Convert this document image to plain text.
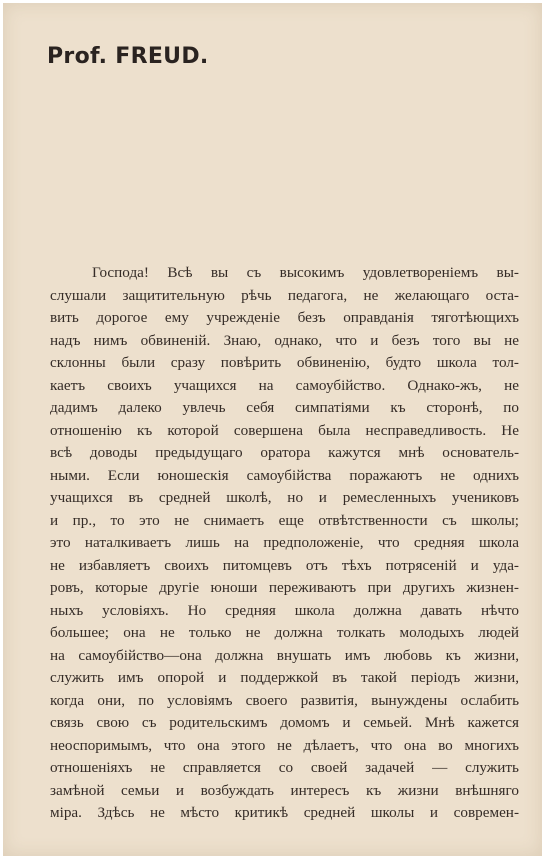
Prof. FREUD.
Господа! Всѣ вы съ высокимъ удовлетвореніемъ вы-
слушали защитительную рѣчь педагога, не желающаго оста-
вить дорогое ему учрежденіе безъ оправданія тяготѣющихъ
надъ нимъ обвиненій. Знаю, однако, что и безъ того вы не
склонны были сразу повѣрить обвиненію, будто школа тол-
каетъ своихъ учащихся на самоубійство. Однако-жъ, не
дадимъ далеко увлечь себя симпатіями къ сторонѣ, по
отношенію къ которой совершена была несправедливость. Не
всѣ доводы предыдущаго оратора кажутся мнѣ основатель-
ными. Если юношескія самоубійства поражаютъ не однихъ
учащихся въ средней школѣ, но и ремесленныхъ учениковъ
и пр., то это не снимаетъ еще отвѣтственности съ школы;
это наталкиваетъ лишь на предположеніе, что средняя школа
не избавляетъ своихъ питомцевъ отъ тѣхъ потрясеній и уда-
ровъ, которые другіе юноши переживаютъ при другихъ жизнен-
ныхъ условіяхъ. Но средняя школа должна давать нѣчто
большее; она не только не должна толкать молодыхъ людей
на самоубійство—она должна внушать имъ любовь къ жизни,
служить имъ опорой и поддержкой въ такой періодъ жизни,
когда они, по условіямъ своего развитія, вынуждены ослабить
связь свою съ родительскимъ домомъ и семьей. Мнѣ кажется
неоспоримымъ, что она этого не дѣлаетъ, что она во многихъ
отношеніяхъ не справляется со своей задачей — служить
замѣной семьи и возбуждать интересъ къ жизни внѣшняго
міра. Здѣсь не мѣсто критикѣ средней школы и современ-
